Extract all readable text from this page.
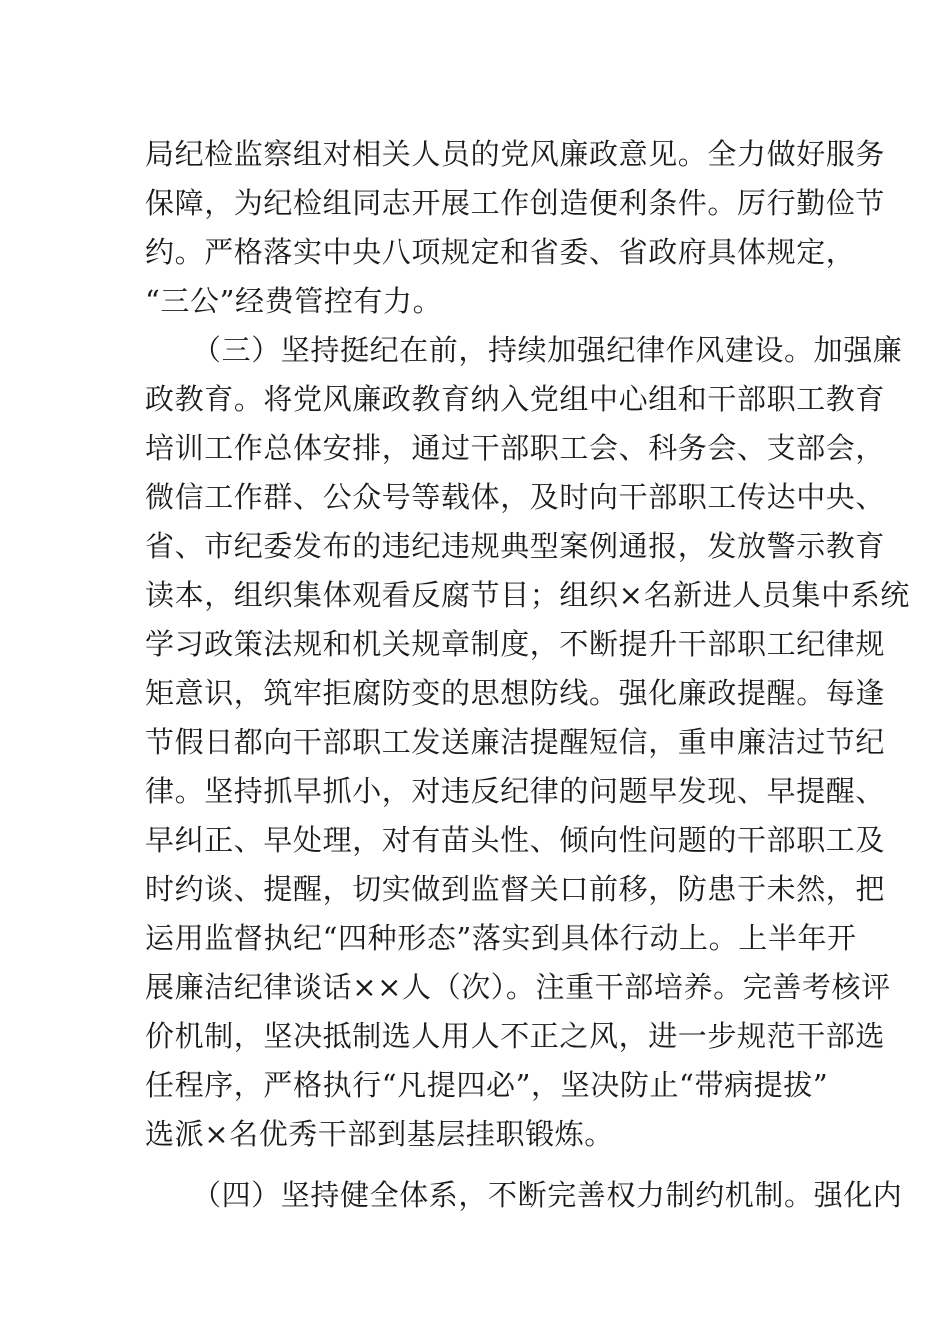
局纪检监察组对相关人员的党风廉政意见。全力做好服务
保障，为纪检组同志开展工作创造便利条件。厉行勤俭节
约。严格落实中央八项规定和省委、省政府具体规定，
“三公”经费管控有力。
（三）坚持挺纪在前，持续加强纪律作风建设。加强廉
政教育。将党风廉政教育纳入党组中心组和干部职工教育
培训工作总体安排，通过干部职工会、科务会、支部会，
微信工作群、公众号等载体，及时向干部职工传达中央、
省、市纪委发布的违纪违规典型案例通报，发放警示教育
读本，组织集体观看反腐节目；组织×名新进人员集中系统
学习政策法规和机关规章制度，不断提升干部职工纪律规
矩意识，筑牢拒腐防变的思想防线。强化廉政提醒。每逢
节假日都向干部职工发送廉洁提醒短信，重申廉洁过节纪
律。坚持抓早抓小，对违反纪律的问题早发现、早提醒、
早纠正、早处理，对有苗头性、倾向性问题的干部职工及
时约谈、提醒，切实做到监督关口前移，防患于未然，把
运用监督执纪“四种形态”落实到具体行动上。上半年开
展廉洁纪律谈话××人（次）。注重干部培养。完善考核评
价机制，坚决抵制选人用人不正之风，进一步规范干部选
任程序，严格执行“凡提四必”，坚决防止“带病提拔”
选派×名优秀干部到基层挂职锻炼。
（四）坚持健全体系，不断完善权力制约机制。强化内
